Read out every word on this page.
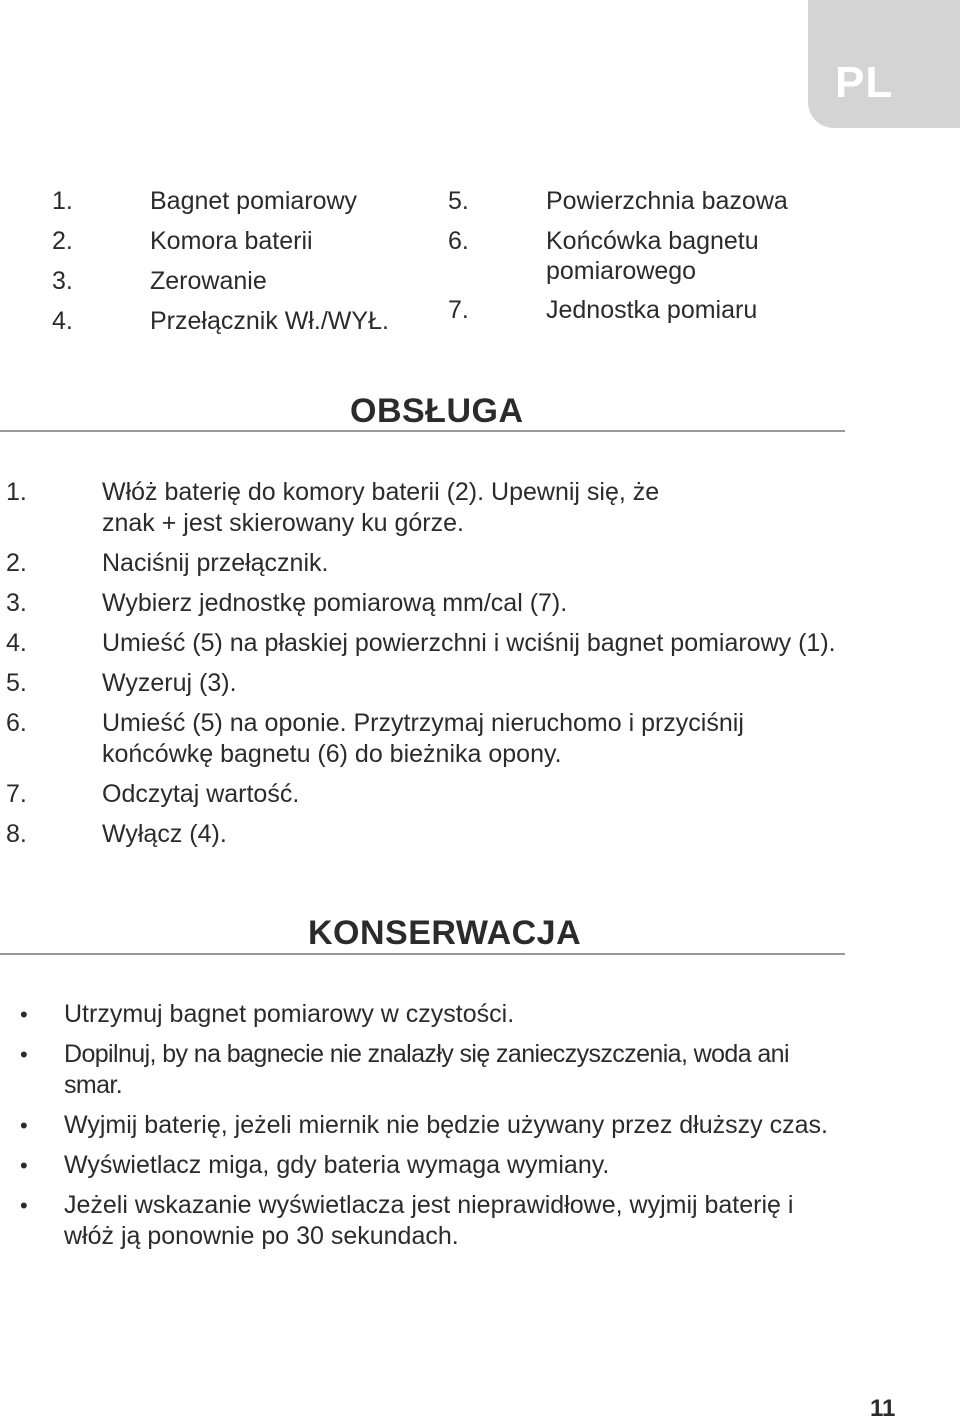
PL
1.	Bagnet pomiarowy
2.	Komora baterii
3.	Zerowanie
4.	Przełącznik Wł./WYŁ.
5.	Powierzchnia bazowa
6.	Końcówka bagnetu pomiarowego
7.	Jednostka pomiaru
OBSŁUGA
1.	Włóż baterię do komory baterii (2). Upewnij się, że znak + jest skierowany ku górze.
2.	Naciśnij przełącznik.
3.	Wybierz jednostkę pomiarową mm/cal (7).
4.	Umieść (5) na płaskiej powierzchni i wciśnij bagnet pomiarowy (1).
5.	Wyzeruj (3).
6.	Umieść (5) na oponie. Przytrzymaj nieruchomo i przyciśnij końcówkę bagnetu (6) do bieżnika opony.
7.	Odczytaj wartość.
8.	Wyłącz (4).
KONSERWACJA
•	Utrzymuj bagnet pomiarowy w czystości.
•	Dopilnuj, by na bagnecie nie znalazły się zanieczyszczenia, woda ani smar.
•	Wyjmij baterię, jeżeli miernik nie będzie używany przez dłuższy czas.
•	Wyświetlacz miga, gdy bateria wymaga wymiany.
•	Jeżeli wskazanie wyświetlacza jest nieprawidłowe, wyjmij baterię i włóż ją ponownie po 30 sekundach.
11
